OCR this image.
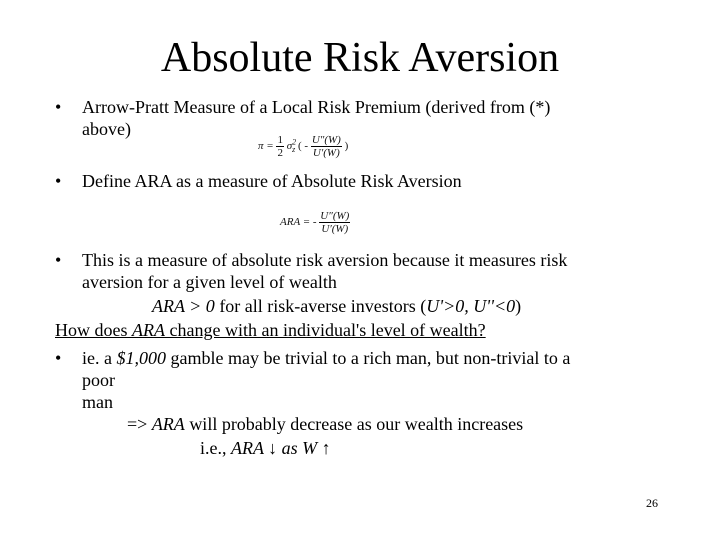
Absolute Risk Aversion
• Arrow-Pratt Measure of a Local Risk Premium (derived from (*)
above)
$\pi = \frac{1}{2} \sigma^2_z$ ( - $\frac{U''(W)}{U'(W)}$ )
• Define ARA as a measure of Absolute Risk Aversion
ARA = - $\frac{U''(W)}{U'(W)}$
• This is a measure of absolute risk aversion because it measures risk
aversion for a given level of wealth
ARA > 0 for all risk-averse investors (U'>0, U''<0)
How does ARA change with an individual's level of wealth?
• ie. a $1,000 gamble may be trivial to a rich man, but non-trivial to a
poor man
=> ARA will probably decrease as our wealth increases
i.e., ARA ↓ as W ↑
26
